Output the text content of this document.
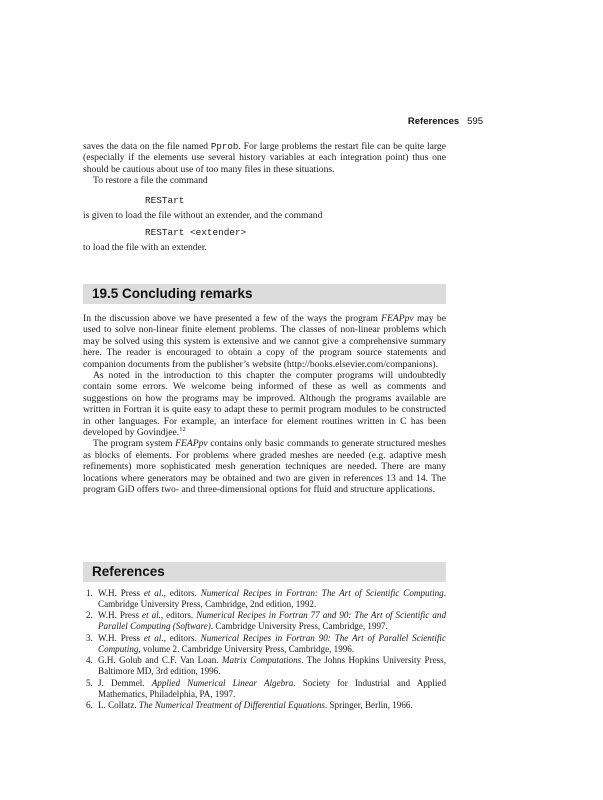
References 595

saves the data on the file named Pprob. For large problems the restart file can be quite large (especially if the elements use several history variables at each integration point) thus one should be cautious about use of too many files in these situations.

To restore a file the command

RESTart

is given to load the file without an extender, and the command

RESTart <extender>

to load the file with an extender.

19.5 Concluding remarks

In the discussion above we have presented a few of the ways the program FEAPpv may be used to solve non-linear finite element problems. The classes of non-linear problems which may be solved using this system is extensive and we cannot give a comprehensive summary here. The reader is encouraged to obtain a copy of the program source statements and companion documents from the publisher’s website (http://books.elsevier.com/companions).

As noted in the introduction to this chapter the computer programs will undoubtedly contain some errors. We welcome being informed of these as well as comments and suggestions on how the programs may be improved. Although the programs available are written in Fortran it is quite easy to adapt these to permit program modules to be constructed in other languages. For example, an interface for element routines written in C has been developed by Govindjee.$^{12}$

The program system FEAPpv contains only basic commands to generate structured meshes as blocks of elements. For problems where graded meshes are needed (e.g. adaptive mesh refinements) more sophisticated mesh generation techniques are needed. There are many locations where generators may be obtained and two are given in references 13 and 14. The program GiD offers two- and three-dimensional options for fluid and structure applications.

References
1. W.H. Press et al., editors. Numerical Recipes in Fortran: The Art of Scientific Computing. Cambridge University Press, Cambridge, 2nd edition, 1992.
2. W.H. Press et al., editors. Numerical Recipes in Fortran 77 and 90: The Art of Scientific and Parallel Computing (Software). Cambridge University Press, Cambridge, 1997.
3. W.H. Press et al., editors. Numerical Recipes in Fortran 90: The Art of Parallel Scientific Computing, volume 2. Cambridge University Press, Cambridge, 1996.
4. G.H. Golub and C.F. Van Loan. Matrix Computations. The Johns Hopkins University Press, Baltimore MD, 3rd edition, 1996.
5. J. Demmel. Applied Numerical Linear Algebra. Society for Industrial and Applied Mathematics, Philadelphia, PA, 1997.
6. L. Collatz. The Numerical Treatment of Differential Equations. Springer, Berlin, 1966.
